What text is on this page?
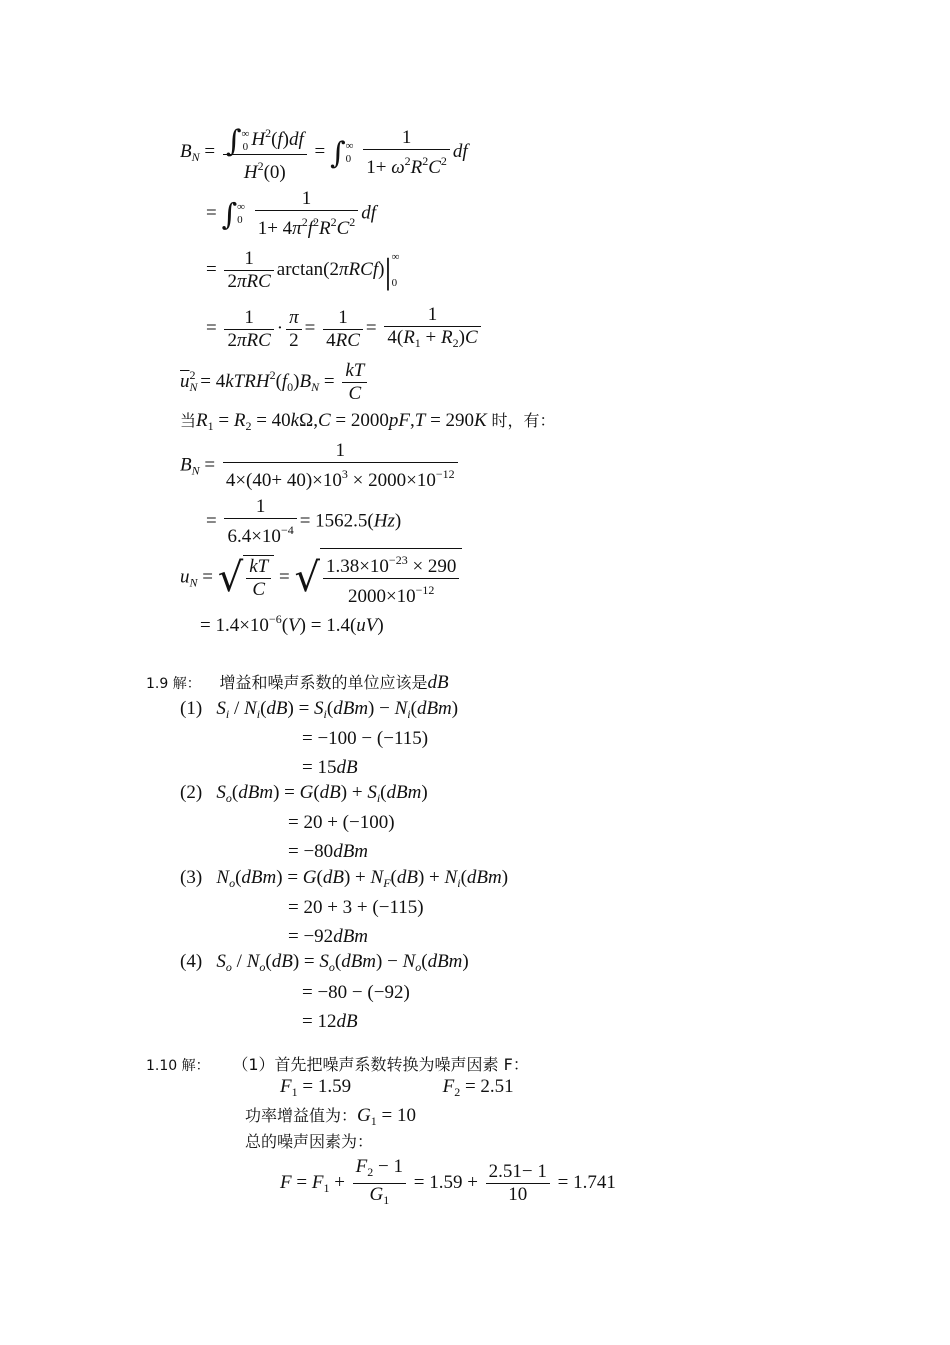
$B_N$ = ∫ ∞
0 $H^2(f)df$
$H^2(0)$ = ∫ ∞
0
$\frac{1}{1+ \omega^2R^2C^2}$ df
= ∫ ∞
0
$\frac{1}{1+ 4\pi^2f^2R^2C^2}$ df
= $\frac{1}{\text{2πRC}} \arctan(2\pi RCf)|$ ∞

0
= $\frac{1}{\text{2πRC}} \cdot \frac{\pi}{2} = \frac{1}{4RC} = \frac{1}{4(R_1 + R_2)C}$
$\overline{u}_N^2$ = $4kTRH^2(f_0)B_N = \frac{kT}{C}$
当$R_1 = R_2 = 40k\Omega,C = 2000pF,T = 290K$ 时，有：
$B_N = \frac{1}{4\times(40+ 40)\times 10^3 \times 2000\times 10^{-12}}$
= $\frac{1}{6.4\times 10^{-4}} = 1562.5(Hz)$
$u_N$ = √ $\frac{kT}{C}$ = √ $\frac{1.38\times 10^{-23} \times 290}{2000\times 10^{-12}}$
= $1.4\times 10^{-6}(V) = 1.4(uV)$
1.9 解： 增益和噪声系数的单位应该是dB
(1)   $S_i / N_i(dB) = S_i(dBm) - N_i(dBm)$
= −100 − (−115)
= 15dB
(2)   $S_o(dBm) = G(dB) + S_i(dBm)$
= 20 + (−100)
= −80dBm
(3)   $N_o(dBm) = G(dB) + N_F(dB) + N_i(dBm)$
= 20 + 3 + (−115)
= −92dBm
(4)   $S_o / N_o(dB) = S_o(dBm) - N_o(dBm)$
= −80 − (−92)
= 12dB
1.10 解： （1）首先把噪声系数转换为噪声因素 F：
$F_1 = 1.59$	$F_2 = 2.51$
功率增益值为：$G_1 = 10$
总的噪声因素为：
$F = F_1 + \frac{F_2 - 1}{G_1} = 1.59 + \frac{2.51- 1}{10} = 1.741$
